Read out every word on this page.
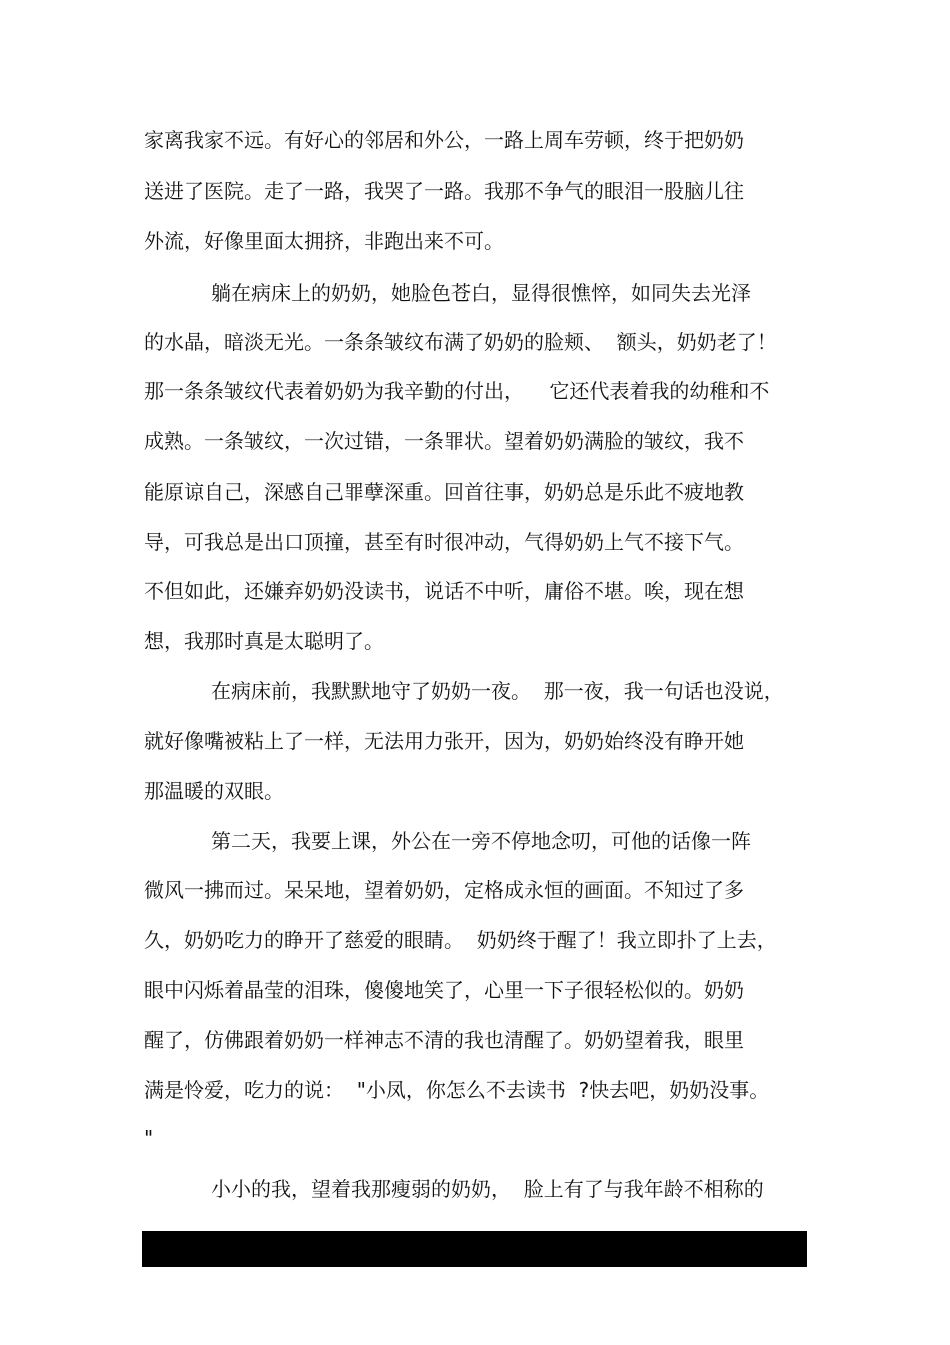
家离我家不远。有好心的邻居和外公，一路上周车劳顿，终于把奶奶
送进了医院。走了一路，我哭了一路。我那不争气的眼泪一股脑儿往
外流，好像里面太拥挤，非跑出来不可。
躺在病床上的奶奶，她脸色苍白，显得很憔悴，如同失去光泽
的水晶，暗淡无光。一条条皱纹布满了奶奶的脸颊、  额头，奶奶老了！
那一条条皱纹代表着奶奶为我辛勤的付出，    它还代表着我的幼稚和不
成熟。一条皱纹，一次过错，一条罪状。望着奶奶满脸的皱纹，我不
能原谅自己，深感自己罪孽深重。回首往事，奶奶总是乐此不疲地教
导，可我总是出口顶撞，甚至有时很冲动，气得奶奶上气不接下气。
不但如此，还嫌弃奶奶没读书，说话不中听，庸俗不堪。唉，现在想
想，我那时真是太聪明了。
在病床前，我默默地守了奶奶一夜。  那一夜，我一句话也没说，
就好像嘴被粘上了一样，无法用力张开，因为，奶奶始终没有睁开她
那温暖的双眼。
第二天，我要上课，外公在一旁不停地念叨，可他的话像一阵
微风一拂而过。呆呆地，望着奶奶，定格成永恒的画面。不知过了多
久，奶奶吃力的睁开了慈爱的眼睛。  奶奶终于醒了！我立即扑了上去，
眼中闪烁着晶莹的泪珠，傻傻地笑了，心里一下子很轻松似的。奶奶
醒了，仿佛跟着奶奶一样神志不清的我也清醒了。奶奶望着我，眼里
满是怜爱，吃力的说：  "小凤，你怎么不去读书  ?快去吧，奶奶没事。
"
小小的我，望着我那瘦弱的奶奶，  脸上有了与我年龄不相称的
